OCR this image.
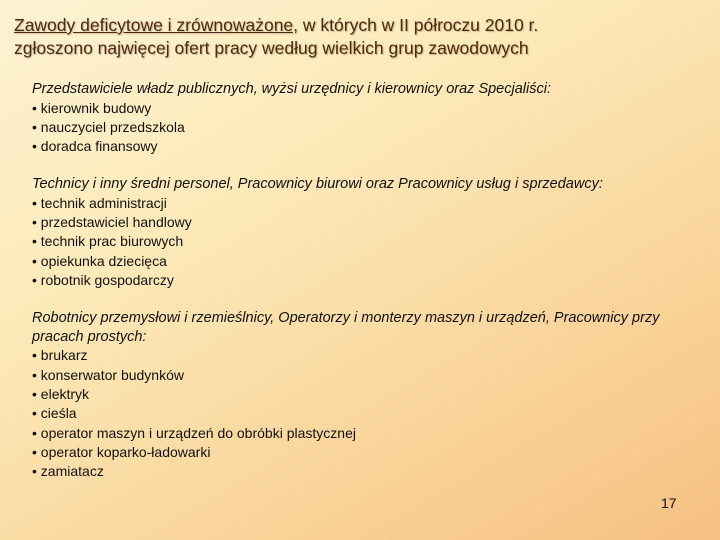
Zawody deficytowe i zrównoważone, w których w II półroczu 2010 r.
zgłoszono najwięcej ofert pracy według wielkich grup zawodowych
Przedstawiciele władz publicznych, wyżsi urzędnicy i kierownicy oraz Specjaliści:
• kierownik budowy
• nauczyciel przedszkola
• doradca finansowy
Technicy i inny średni personel, Pracownicy biurowi oraz Pracownicy usług i sprzedawcy:
• technik administracji
• przedstawiciel handlowy
• technik prac biurowych
• opiekunka dziecięca
• robotnik gospodarczy
Robotnicy przemysłowi i rzemieślnicy, Operatorzy i monterzy maszyn i urządzeń, Pracownicy przy pracach prostych:
• brukarz
• konserwator budynków
• elektryk
• cieśla
• operator maszyn i urządzeń do obróbki plastycznej
• operator koparko-ładowarki
• zamiatacz
17
